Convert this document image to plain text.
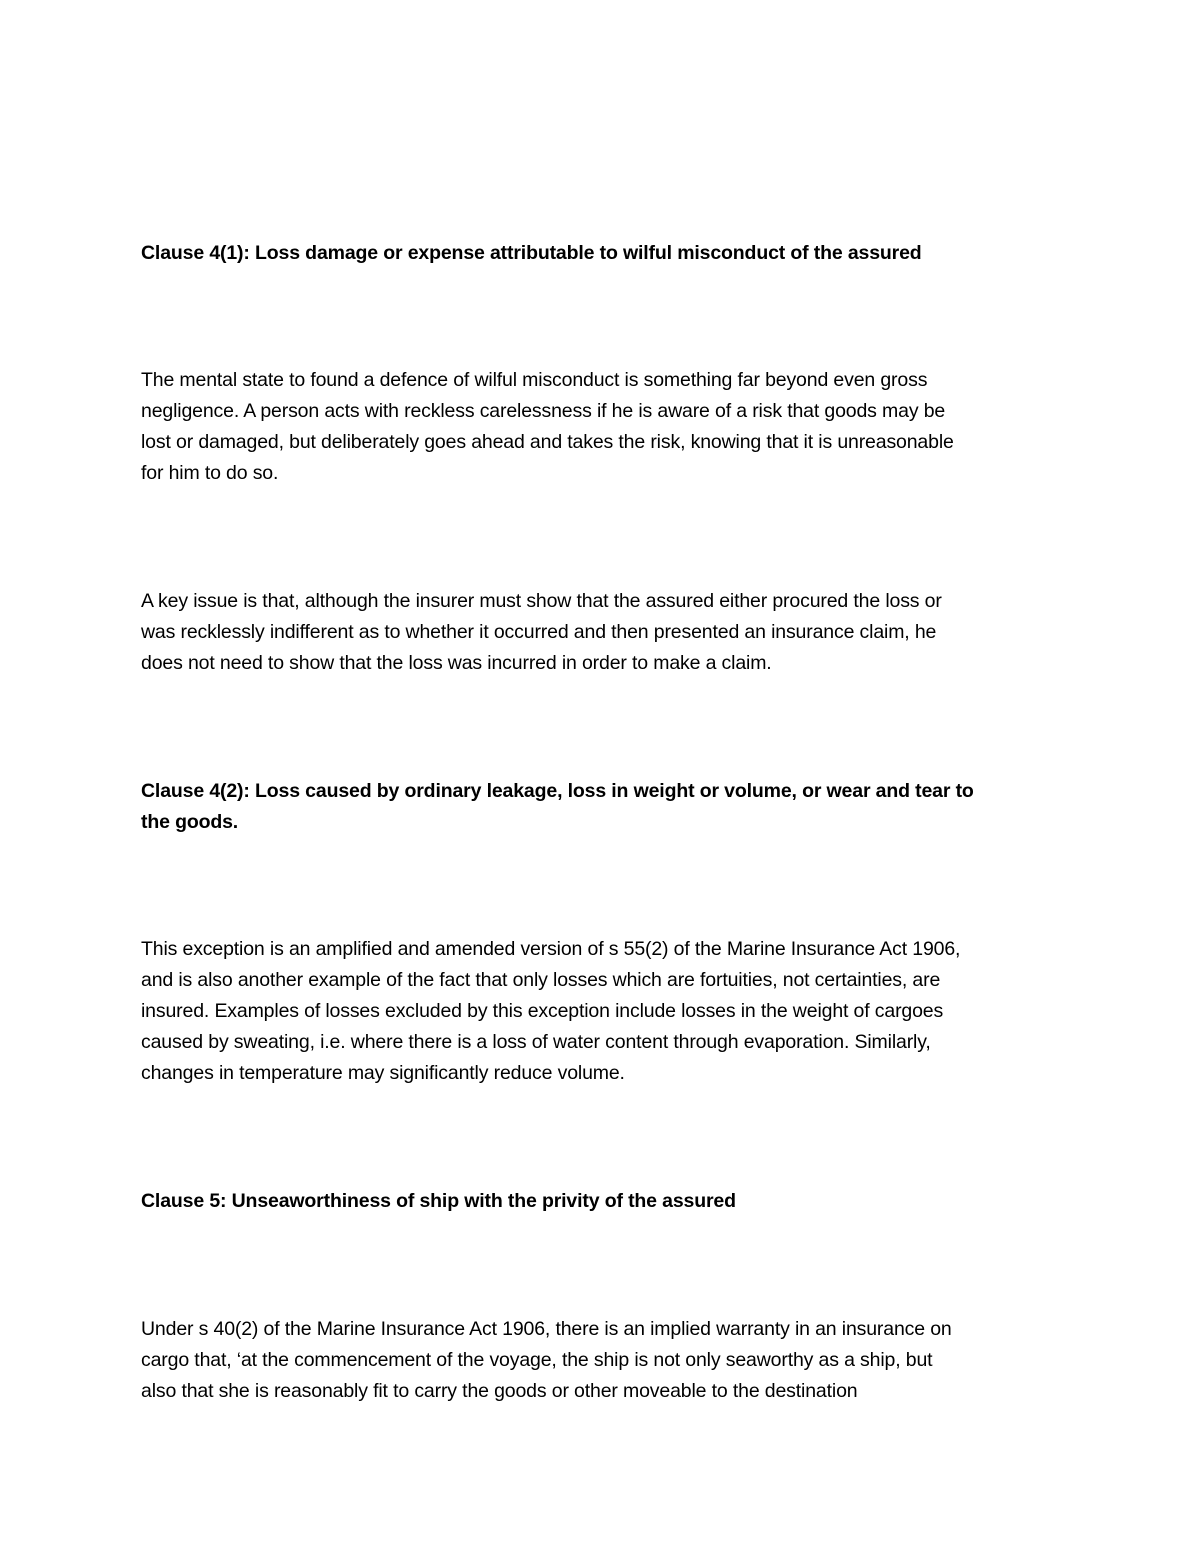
Clause 4(1): Loss damage or expense attributable to wilful misconduct of the assured

The mental state to found a defence of wilful misconduct is something far beyond even gross
negligence. A person acts with reckless carelessness if he is aware of a risk that goods may be
lost or damaged, but deliberately goes ahead and takes the risk, knowing that it is unreasonable
for him to do so.

A key issue is that, although the insurer must show that the assured either procured the loss or
was recklessly indifferent as to whether it occurred and then presented an insurance claim, he
does not need to show that the loss was incurred in order to make a claim.

Clause 4(2): Loss caused by ordinary leakage, loss in weight or volume, or wear and tear to
the goods.

This exception is an amplified and amended version of s 55(2) of the Marine Insurance Act 1906,
and is also another example of the fact that only losses which are fortuities, not certainties, are
insured. Examples of losses excluded by this exception include losses in the weight of cargoes
caused by sweating, i.e. where there is a loss of water content through evaporation. Similarly,
changes in temperature may significantly reduce volume.

Clause 5: Unseaworthiness of ship with the privity of the assured

Under s 40(2) of the Marine Insurance Act 1906, there is an implied warranty in an insurance on
cargo that, ‘at the commencement of the voyage, the ship is not only seaworthy as a ship, but
also that she is reasonably fit to carry the goods or other moveable to the destination
